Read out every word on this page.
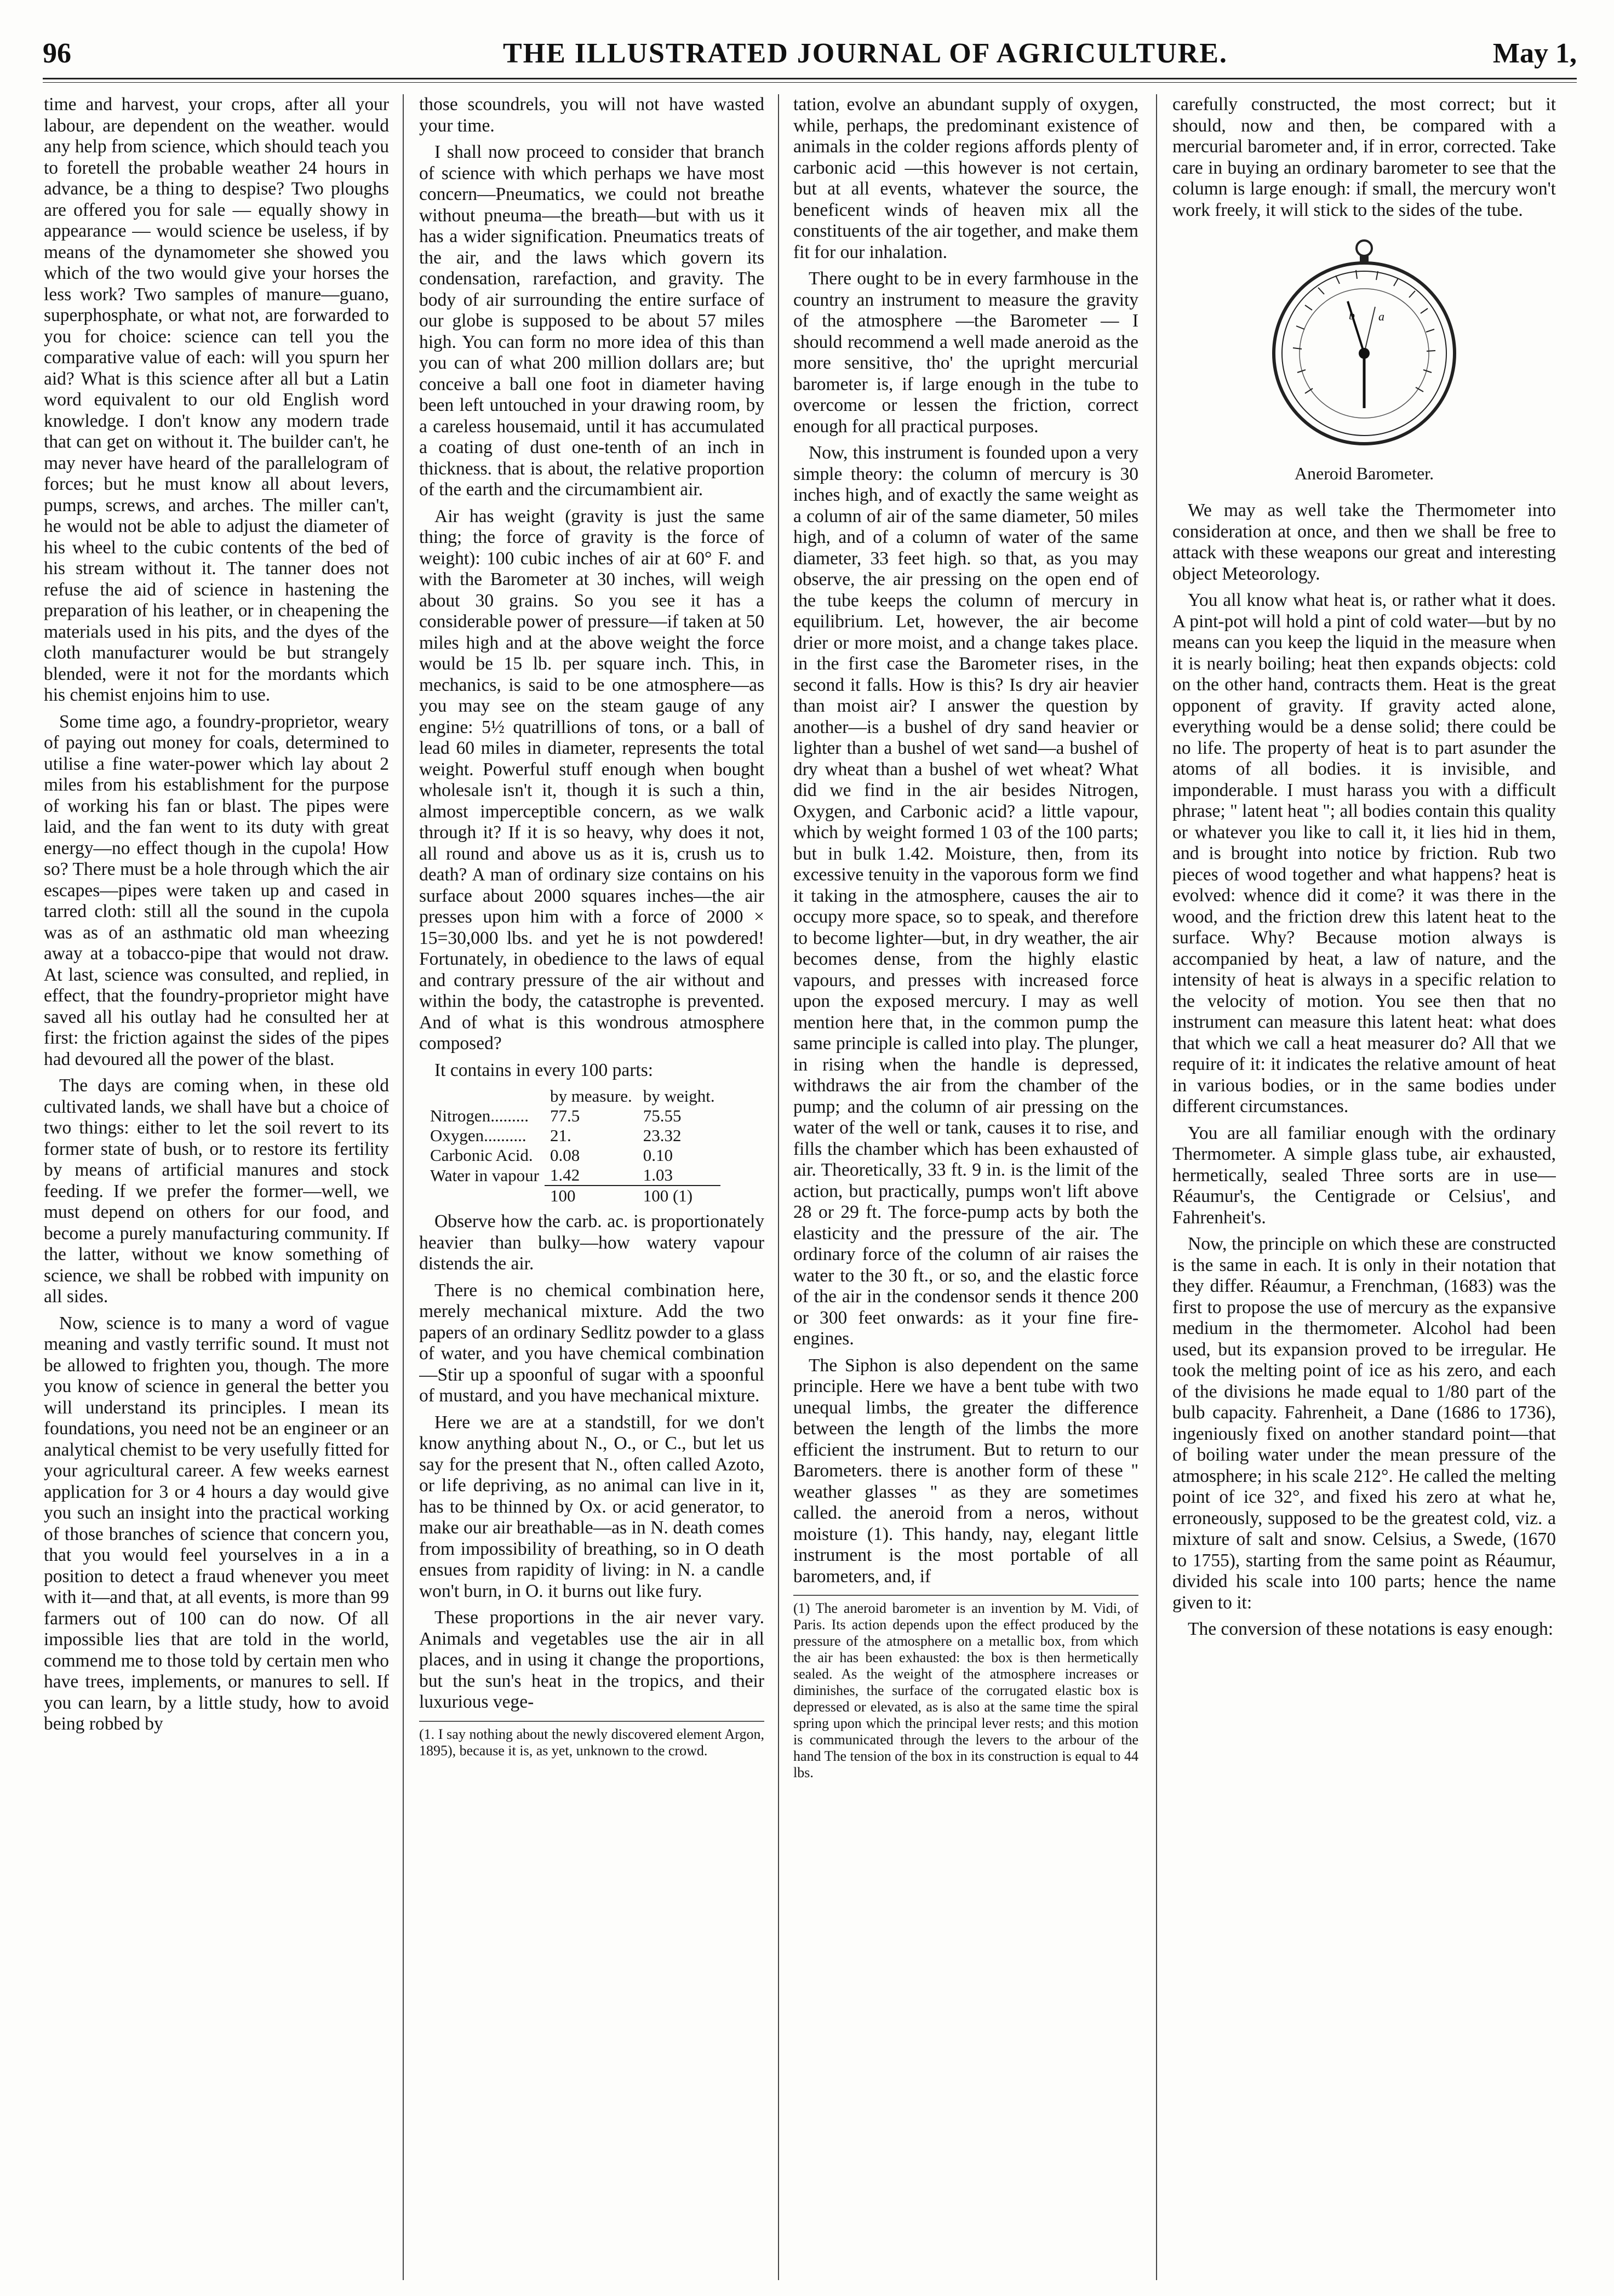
96	THE ILLUSTRATED JOURNAL OF AGRICULTURE.	May 1,

time and harvest, your crops, after all your labour, are dependent on the weather. would any help from science, which should teach you to foretell the probable weather 24 hours in advance, be a thing to despise? Two ploughs are offered you for sale — equally showy in appearance — would science be useless, if by means of the dynamometer she showed you which of the two would give your horses the less work? Two samples of manure—guano, superphosphate, or what not, are forwarded to you for choice: science can tell you the comparative value of each: will you spurn her aid? What is this science after all but a Latin word equivalent to our old English word knowledge. I don't know any modern trade that can get on without it. The builder can't, he may never have heard of the parallelogram of forces; but he must know all about levers, pumps, screws, and arches. The miller can't, he would not be able to adjust the diameter of his wheel to the cubic contents of the bed of his stream without it. The tanner does not refuse the aid of science in hastening the preparation of his leather, or in cheapening the materials used in his pits, and the dyes of the cloth manufacturer would be but strangely blended, were it not for the mordants which his chemist enjoins him to use.

Some time ago, a foundry-proprietor, weary of paying out money for coals, determined to utilise a fine water-power which lay about 2 miles from his establishment for the purpose of working his fan or blast. The pipes were laid, and the fan went to its duty with great energy—no effect though in the cupola! How so? There must be a hole through which the air escapes—pipes were taken up and cased in tarred cloth: still all the sound in the cupola was as of an asthmatic old man wheezing away at a tobacco-pipe that would not draw. At last, science was consulted, and replied, in effect, that the foundry-proprietor might have saved all his outlay had he consulted her at first: the friction against the sides of the pipes had devoured all the power of the blast.

The days are coming when, in these old cultivated lands, we shall have but a choice of two things: either to let the soil revert to its former state of bush, or to restore its fertility by means of artificial manures and stock feeding. If we prefer the former—well, we must depend on others for our food, and become a purely manufacturing community. If the latter, without we know something of science, we shall be robbed with impunity on all sides.

Now, science is to many a word of vague meaning and vastly terrific sound. It must not be allowed to frighten you, though. The more you know of science in general the better you will understand its principles. I mean its foundations, you need not be an engineer or an analytical chemist to be very usefully fitted for your agricultural career. A few weeks earnest application for 3 or 4 hours a day would give you such an insight into the practical working of those branches of science that concern you, that you would feel yourselves in a in a position to detect a fraud whenever you meet with it—and that, at all events, is more than 99 farmers out of 100 can do now. Of all impossible lies that are told in the world, commend me to those told by certain men who have trees, implements, or manures to sell. If you can learn, by a little study, how to avoid being robbed by

those scoundrels, you will not have wasted your time.

I shall now proceed to consider that branch of science with which perhaps we have most concern—Pneumatics, we could not breathe without pneuma—the breath—but with us it has a wider signification. Pneumatics treats of the air, and the laws which govern its condensation, rarefaction, and gravity. The body of air surrounding the entire surface of our globe is supposed to be about 57 miles high. You can form no more idea of this than you can of what 200 million dollars are; but conceive a ball one foot in diameter having been left untouched in your drawing room, by a careless housemaid, until it has accumulated a coating of dust one-tenth of an inch in thickness. that is about, the relative proportion of the earth and the circumambient air.

Air has weight (gravity is just the same thing; the force of gravity is the force of weight): 100 cubic inches of air at 60° F. and with the Barometer at 30 inches, will weigh about 30 grains. So you see it has a considerable power of pressure—if taken at 50 miles high and at the above weight the force would be 15 lb. per square inch. This, in mechanics, is said to be one atmosphere—as you may see on the steam gauge of any engine: 5½ quatrillions of tons, or a ball of lead 60 miles in diameter, represents the total weight. Powerful stuff enough when bought wholesale isn't it, though it is such a thin, almost imperceptible concern, as we walk through it? If it is so heavy, why does it not, all round and above us as it is, crush us to death? A man of ordinary size contains on his surface about 2000 squares inches—the air presses upon him with a force of 2000 × 15=30,000 lbs. and yet he is not powdered! Fortunately, in obedience to the laws of equal and contrary pressure of the air without and within the body, the catastrophe is prevented. And of what is this wondrous atmosphere composed?

It contains in every 100 parts:

	by measure.	by weight.
Nitrogen.........	77.5	75.55
Oxygen..........	21.	23.32
Carbonic Acid.	0.08	0.10
Water in vapour	1.42	1.03
	100	100 (1)

Observe how the carb. ac. is proportionately heavier than bulky—how watery vapour distends the air.

There is no chemical combination here, merely mechanical mixture. Add the two papers of an ordinary Sedlitz powder to a glass of water, and you have chemical combination—Stir up a spoonful of sugar with a spoonful of mustard, and you have mechanical mixture.

Here we are at a standstill, for we don't know anything about N., O., or C., but let us say for the present that N., often called Azoto, or life depriving, as no animal can live in it, has to be thinned by Ox. or acid generator, to make our air breathable—as in N. death comes from impossibility of breathing, so in O death ensues from rapidity of living: in N. a candle won't burn, in O. it burns out like fury.

These proportions in the air never vary. Animals and vegetables use the air in all places, and in using it change the proportions, but the sun's heat in the tropics, and their luxurious vege-

(1. I say nothing about the newly discovered element Argon, 1895), because it is, as yet, unknown to the crowd.

tation, evolve an abundant supply of oxygen, while, perhaps, the predominant existence of animals in the colder regions affords plenty of carbonic acid —this however is not certain, but at all events, whatever the source, the beneficent winds of heaven mix all the constituents of the air together, and make them fit for our inhalation.

There ought to be in every farmhouse in the country an instrument to measure the gravity of the atmosphere —the Barometer — I should recommend a well made aneroid as the more sensitive, tho' the upright mercurial barometer is, if large enough in the tube to overcome or lessen the friction, correct enough for all practical purposes.

Now, this instrument is founded upon a very simple theory: the column of mercury is 30 inches high, and of exactly the same weight as a column of air of the same diameter, 50 miles high, and of a column of water of the same diameter, 33 feet high. so that, as you may observe, the air pressing on the open end of the tube keeps the column of mercury in equilibrium. Let, however, the air become drier or more moist, and a change takes place. in the first case the Barometer rises, in the second it falls. How is this? Is dry air heavier than moist air? I answer the question by another—is a bushel of dry sand heavier or lighter than a bushel of wet sand—a bushel of dry wheat than a bushel of wet wheat? What did we find in the air besides Nitrogen, Oxygen, and Carbonic acid? a little vapour, which by weight formed 1 03 of the 100 parts; but in bulk 1.42. Moisture, then, from its excessive tenuity in the vaporous form we find it taking in the atmosphere, causes the air to occupy more space, so to speak, and therefore to become lighter—but, in dry weather, the air becomes dense, from the highly elastic vapours, and presses with increased force upon the exposed mercury. I may as well mention here that, in the common pump the same principle is called into play. The plunger, in rising when the handle is depressed, withdraws the air from the chamber of the pump; and the column of air pressing on the water of the well or tank, causes it to rise, and fills the chamber which has been exhausted of air. Theoretically, 33 ft. 9 in. is the limit of the action, but practically, pumps won't lift above 28 or 29 ft. The force-pump acts by both the elasticity and the pressure of the air. The ordinary force of the column of air raises the water to the 30 ft., or so, and the elastic force of the air in the condensor sends it thence 200 or 300 feet onwards: as it your fine fire-engines.

The Siphon is also dependent on the same principle. Here we have a bent tube with two unequal limbs, the greater the difference between the length of the limbs the more efficient the instrument. But to return to our Barometers. there is another form of these " weather glasses " as they are sometimes called. the aneroid from a neros, without moisture (1). This handy, nay, elegant little instrument is the most portable of all barometers, and, if

(1) The aneroid barometer is an invention by M. Vidi, of Paris. Its action depends upon the effect produced by the pressure of the atmosphere on a metallic box, from which the air has been exhausted: the box is then hermetically sealed. As the weight of the atmosphere increases or diminishes, the surface of the corrugated elastic box is depressed or elevated, as is also at the same time the spiral spring upon which the principal lever rests; and this motion is communicated through the levers to the arbour of the hand The tension of the box in its construction is equal to 44 lbs.

carefully constructed, the most correct; but it should, now and then, be compared with a mercurial barometer and, if in error, corrected. Take care in buying an ordinary barometer to see that the column is large enough: if small, the mercury won't work freely, it will stick to the sides of the tube.

b a
Aneroid Barometer.

We may as well take the Thermometer into consideration at once, and then we shall be free to attack with these weapons our great and interesting object Meteorology.

You all know what heat is, or rather what it does. A pint-pot will hold a pint of cold water—but by no means can you keep the liquid in the measure when it is nearly boiling; heat then expands objects: cold on the other hand, contracts them. Heat is the great opponent of gravity. If gravity acted alone, everything would be a dense solid; there could be no life. The property of heat is to part asunder the atoms of all bodies. it is invisible, and imponderable. I must harass you with a difficult phrase; " latent heat "; all bodies contain this quality or whatever you like to call it, it lies hid in them, and is brought into notice by friction. Rub two pieces of wood together and what happens? heat is evolved: whence did it come? it was there in the wood, and the friction drew this latent heat to the surface. Why? Because motion always is accompanied by heat, a law of nature, and the intensity of heat is always in a specific relation to the velocity of motion. You see then that no instrument can measure this latent heat: what does that which we call a heat measurer do? All that we require of it: it indicates the relative amount of heat in various bodies, or in the same bodies under different circumstances.

You are all familiar enough with the ordinary Thermometer. A simple glass tube, air exhausted, hermetically, sealed Three sorts are in use—Réaumur's, the Centigrade or Celsius', and Fahrenheit's.

Now, the principle on which these are constructed is the same in each. It is only in their notation that they differ. Réaumur, a Frenchman, (1683) was the first to propose the use of mercury as the expansive medium in the thermometer. Alcohol had been used, but its expansion proved to be irregular. He took the melting point of ice as his zero, and each of the divisions he made equal to 1/80 part of the bulb capacity. Fahrenheit, a Dane (1686 to 1736), ingeniously fixed on another standard point—that of boiling water under the mean pressure of the atmosphere; in his scale 212°. He called the melting point of ice 32°, and fixed his zero at what he, erroneously, supposed to be the greatest cold, viz. a mixture of salt and snow. Celsius, a Swede, (1670 to 1755), starting from the same point as Réaumur, divided his scale into 100 parts; hence the name given to it:

The conversion of these notations is easy enough:
